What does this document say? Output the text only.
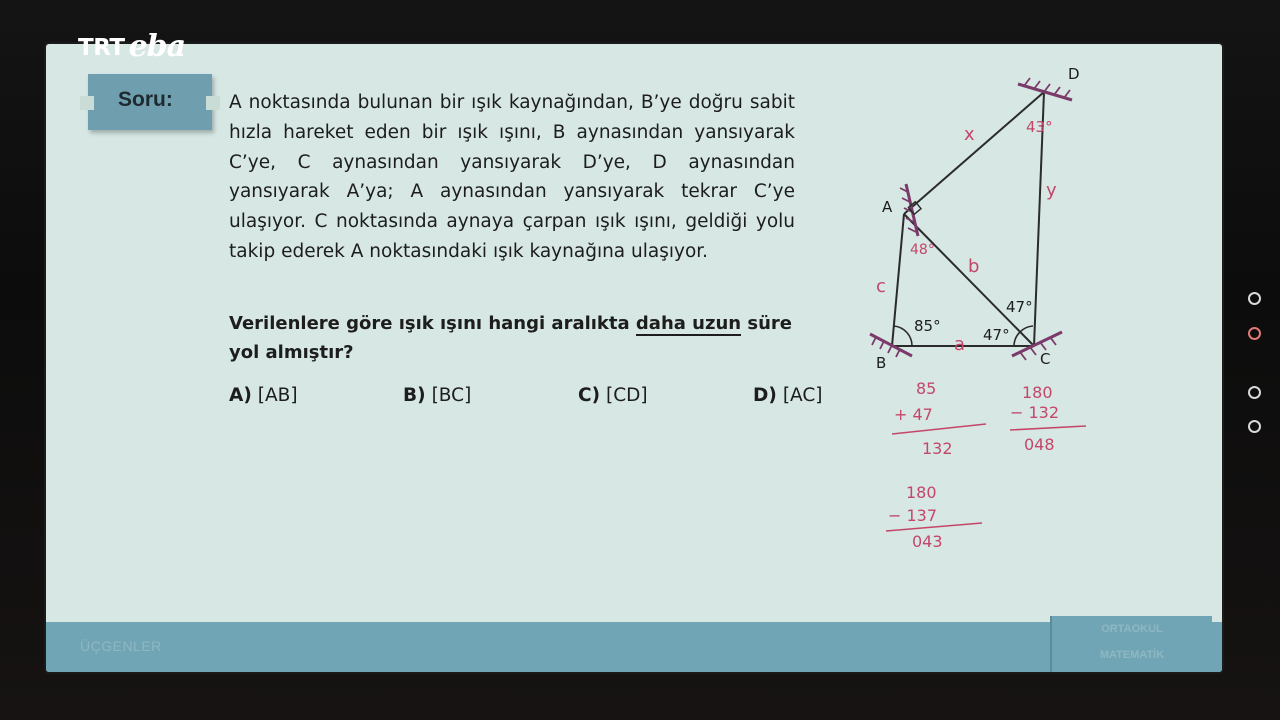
Soru:	A noktasında bulunan bir ışık kaynağından, B’ye doğru sabit hızla hareket eden bir ışık ışını, B aynasından yansıyarak C’ye, C aynasından yansıyarak D’ye, D aynasından yansıyarak A’ya; A aynasından yansıyarak tekrar C’ye ulaşıyor. C noktasında aynaya çarpan ışık ışını, geldiği yolu takip ederek A noktasındaki ışık kaynağına ulaşıyor.
Verilenlere göre ışık ışını hangi aralıkta daha uzun süre yol almıştır?
A) [AB]	B) [BC]	C) [CD]	D) [AC]
D
A
B	C
85°	47°
47°
x
y
b
c
a
43°
48°
85
+ 47
132
180
− 132
048
180
− 137
043
ÜÇGENLER
ORTAOKUL
MATEMATİK
TRT eba
